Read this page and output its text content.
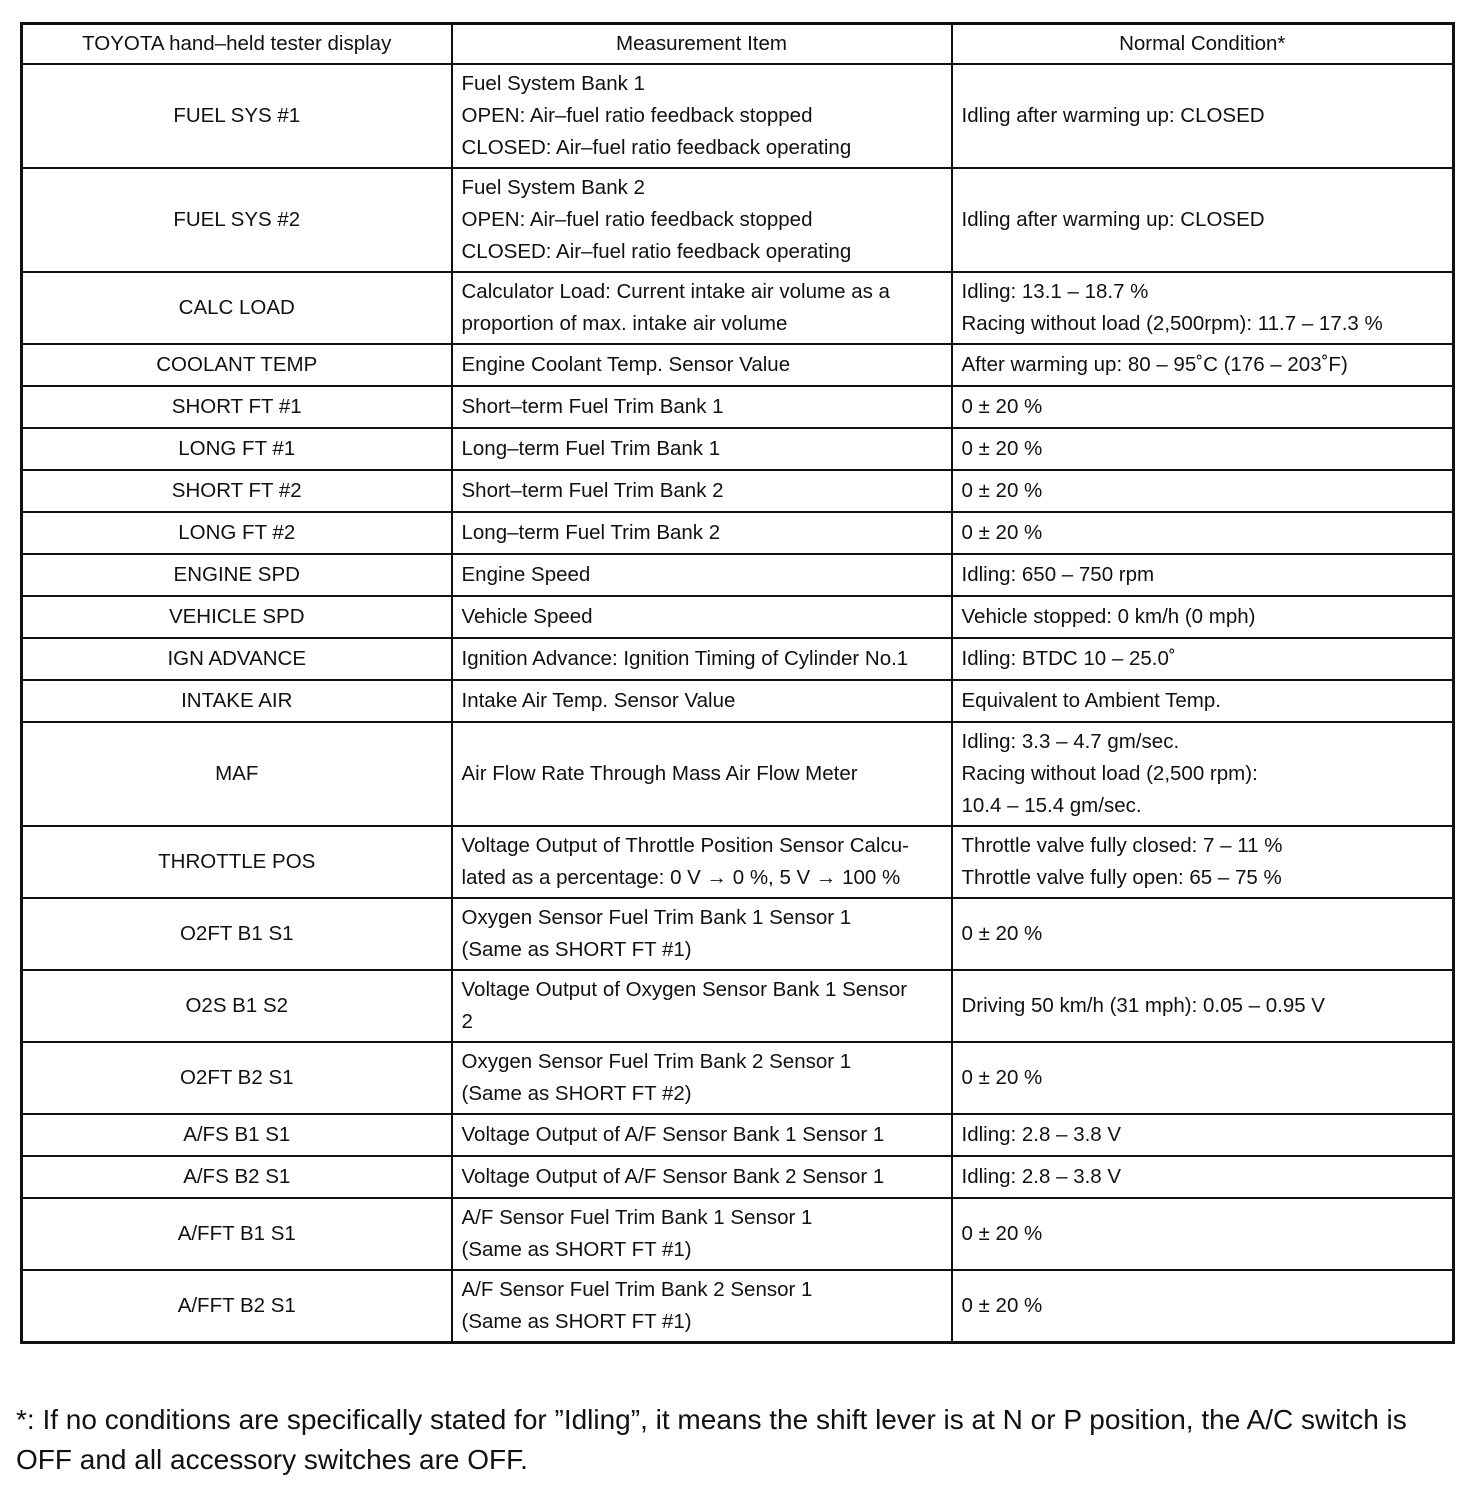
TOYOTA hand–held tester display	Measurement Item	Normal Condition*
FUEL SYS #1	Fuel System Bank 1
OPEN: Air–fuel ratio feedback stopped
CLOSED: Air–fuel ratio feedback operating	Idling after warming up: CLOSED

FUEL SYS #2	Fuel System Bank 2
OPEN: Air–fuel ratio feedback stopped
CLOSED: Air–fuel ratio feedback operating	Idling after warming up: CLOSED

CALC LOAD	Calculator Load: Current intake air volume as a
proportion of max. intake air volume	Idling: 13.1 – 18.7 %
Racing without load (2,500rpm): 11.7 – 17.3 %

COOLANT TEMP	Engine Coolant Temp. Sensor Value	After warming up: 80 – 95˚C (176 – 203˚F)

SHORT FT #1	Short–term Fuel Trim Bank 1	0 ± 20 %

LONG FT #1	Long–term Fuel Trim Bank 1	0 ± 20 %

SHORT FT #2	Short–term Fuel Trim Bank 2	0 ± 20 %

LONG FT #2	Long–term Fuel Trim Bank 2	0 ± 20 %

ENGINE SPD	Engine Speed	Idling: 650 – 750 rpm

VEHICLE SPD	Vehicle Speed	Vehicle stopped: 0 km/h (0 mph)

IGN ADVANCE	Ignition Advance: Ignition Timing of Cylinder No.1	Idling: BTDC 10 – 25.0˚

INTAKE AIR	Intake Air Temp. Sensor Value	Equivalent to Ambient Temp.

MAF	Air Flow Rate Through Mass Air Flow Meter	Idling: 3.3 – 4.7 gm/sec.
Racing without load (2,500 rpm):
10.4 – 15.4 gm/sec.

THROTTLE POS	Voltage Output of Throttle Position Sensor Calcu-
lated as a percentage: 0 V → 0 %, 5 V → 100 %	Throttle valve fully closed: 7 – 11 %
Throttle valve fully open: 65 – 75 %

O2FT B1 S1	Oxygen Sensor Fuel Trim Bank 1 Sensor 1
(Same as SHORT FT #1)	0 ± 20 %

O2S B1 S2	Voltage Output of Oxygen Sensor Bank 1 Sensor
2	Driving 50 km/h (31 mph): 0.05 – 0.95 V

O2FT B2 S1	Oxygen Sensor Fuel Trim Bank 2 Sensor 1
(Same as SHORT FT #2)	0 ± 20 %

A/FS B1 S1	Voltage Output of A/F Sensor Bank 1 Sensor 1	Idling: 2.8 – 3.8 V

A/FS B2 S1	Voltage Output of A/F Sensor Bank 2 Sensor 1	Idling: 2.8 – 3.8 V

A/FFT B1 S1	A/F Sensor Fuel Trim Bank 1 Sensor 1
(Same as SHORT FT #1)	0 ± 20 %

A/FFT B2 S1	A/F Sensor Fuel Trim Bank 2 Sensor 1
(Same as SHORT FT #1)	0 ± 20 %
*: If no conditions are specifically stated for ”Idling”, it means the shift lever is at N or P position, the A/C switch is OFF and all accessory switches are OFF.
